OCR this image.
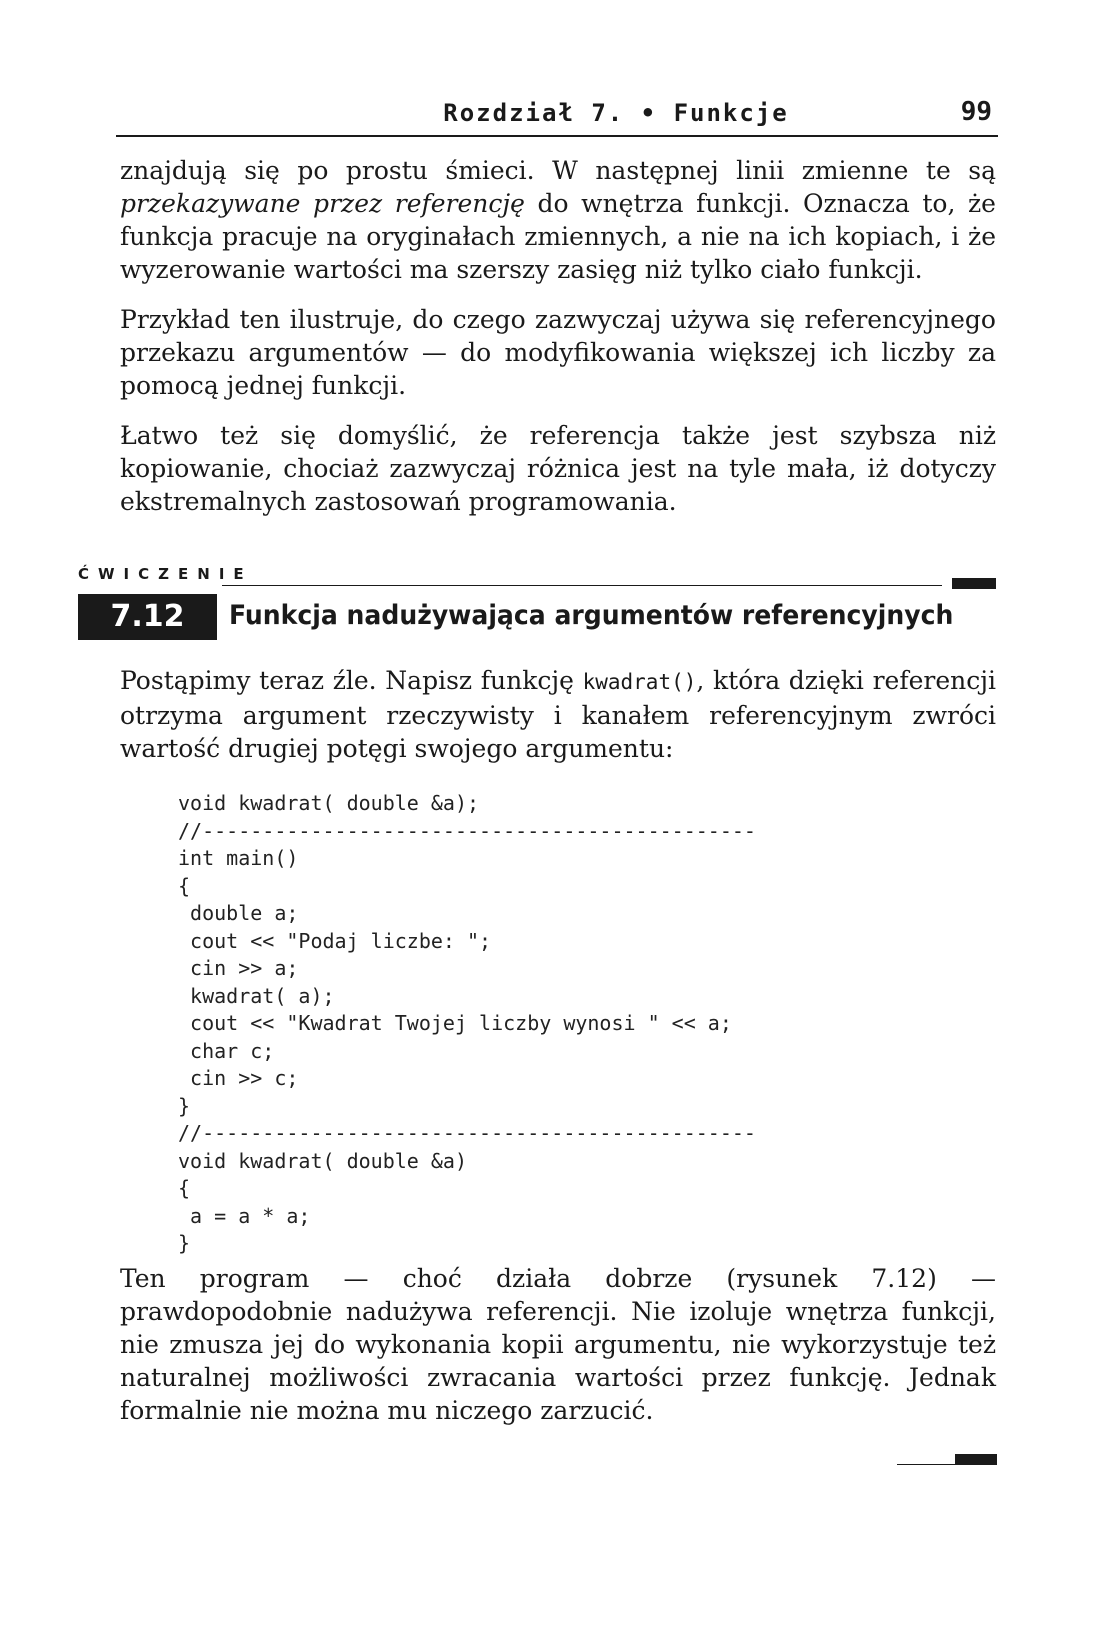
Rozdział 7. • Funkcje	99

znajdują się po prostu śmieci. W następnej linii zmienne te są przekazywane przez referencję do wnętrza funkcji. Oznacza to, że funkcja pracuje na oryginałach zmiennych, a nie na ich kopiach, i że wyzerowanie wartości ma szerszy zasięg niż tylko ciało funkcji.

Przykład ten ilustruje, do czego zazwyczaj używa się referencyjnego przekazu argumentów — do modyfikowania większej ich liczby za pomocą jednej funkcji.

Łatwo też się domyślić, że referencja także jest szybsza niż kopiowanie, chociaż zazwyczaj różnica jest na tyle mała, iż dotyczy ekstremalnych zastosowań programowania.

ĆWICZENIE
7.12	Funkcja nadużywająca argumentów referencyjnych

Postąpimy teraz źle. Napisz funkcję kwadrat(), która dzięki referencji otrzyma argument rzeczywisty i kanałem referencyjnym zwróci wartość drugiej potęgi swojego argumentu:

void kwadrat( double &a);
//----------------------------------------------
int main()
{
double a;
cout << "Podaj liczbe: ";
cin >> a;
kwadrat( a);
cout << "Kwadrat Twojej liczby wynosi " << a;
char c;
cin >> c;
}
//----------------------------------------------
void kwadrat( double &a)
{
a = a * a;
}

Ten program — choć działa dobrze (rysunek 7.12) — prawdopodobnie nadużywa referencji. Nie izoluje wnętrza funkcji, nie zmusza jej do wykonania kopii argumentu, nie wykorzystuje też naturalnej możliwości zwracania wartości przez funkcję. Jednak formalnie nie można mu niczego zarzucić.
